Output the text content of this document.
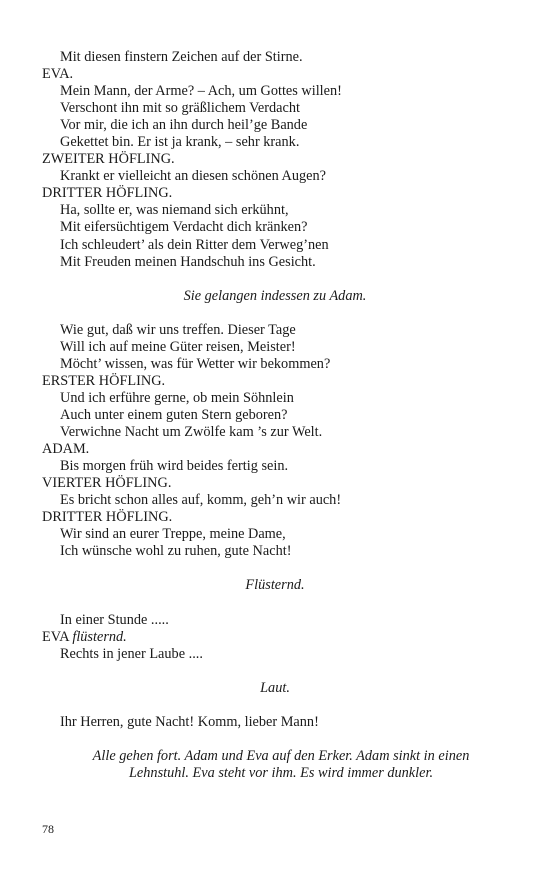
Mit diesen finstern Zeichen auf der Stirne.
EVA.
Mein Mann, der Arme? – Ach, um Gottes willen!
Verschont ihn mit so gräßlichem Verdacht
Vor mir, die ich an ihn durch heil’ge Bande
Gekettet bin. Er ist ja krank, – sehr krank.
ZWEITER HÖFLING.
Krankt er vielleicht an diesen schönen Augen?
DRITTER HÖFLING.
Ha, sollte er, was niemand sich erkühnt,
Mit eifersüchtigem Verdacht dich kränken?
Ich schleudert’ als dein Ritter dem Verweg’nen
Mit Freuden meinen Handschuh ins Gesicht.
Sie gelangen indessen zu Adam.
Wie gut, daß wir uns treffen. Dieser Tage
Will ich auf meine Güter reisen, Meister!
Möcht’ wissen, was für Wetter wir bekommen?
ERSTER HÖFLING.
Und ich erführe gerne, ob mein Söhnlein
Auch unter einem guten Stern geboren?
Verwichne Nacht um Zwölfe kam ’s zur Welt.
ADAM.
Bis morgen früh wird beides fertig sein.
VIERTER HÖFLING.
Es bricht schon alles auf, komm, geh’n wir auch!
DRITTER HÖFLING.
Wir sind an eurer Treppe, meine Dame,
Ich wünsche wohl zu ruhen, gute Nacht!
Flüsternd.
In einer Stunde .....
EVA flüsternd.
Rechts in jener Laube ....
Laut.
Ihr Herren, gute Nacht! Komm, lieber Mann!
Alle gehen fort. Adam und Eva auf den Erker. Adam sinkt in einen
Lehnstuhl. Eva steht vor ihm. Es wird immer dunkler.
78
